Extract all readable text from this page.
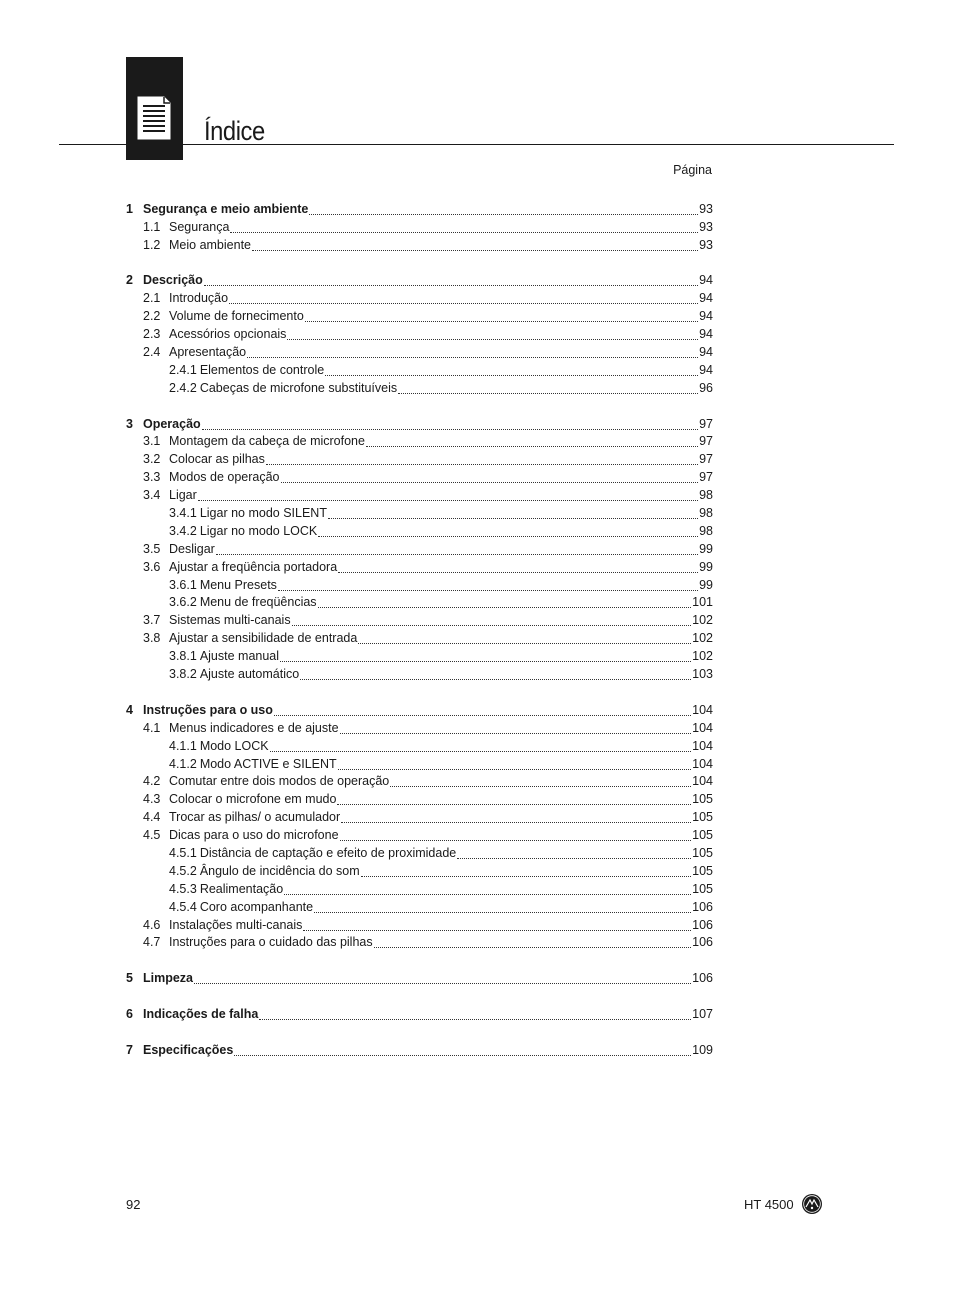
Índice
Página
1 Segurança e meio ambiente	93
1.1 Segurança	93
1.2 Meio ambiente	93
2 Descrição	94
2.1 Introdução	94
2.2 Volume de fornecimento	94
2.3 Acessórios opcionais	94
2.4 Apresentação	94
2.4.1 Elementos de controle	94
2.4.2 Cabeças de microfone substituíveis	96
3 Operação	97
3.1 Montagem da cabeça de microfone	97
3.2 Colocar as pilhas	97
3.3 Modos de operação	97
3.4 Ligar	98
3.4.1 Ligar no modo SILENT	98
3.4.2 Ligar no modo LOCK	98
3.5 Desligar	99
3.6 Ajustar a freqüência portadora	99
3.6.1 Menu Presets	99
3.6.2 Menu de freqüências	101
3.7 Sistemas multi-canais	102
3.8 Ajustar a sensibilidade de entrada	102
3.8.1 Ajuste manual	102
3.8.2 Ajuste automático	103
4 Instruções para o uso	104
4.1 Menus indicadores e de ajuste	104
4.1.1 Modo LOCK	104
4.1.2 Modo ACTIVE e SILENT	104
4.2 Comutar entre dois modos de operação	104
4.3 Colocar o microfone em mudo	105
4.4 Trocar as pilhas/ o acumulador	105
4.5 Dicas para o uso do microfone	105
4.5.1 Distância de captação e efeito de proximidade	105
4.5.2 Ângulo de incidência do som	105
4.5.3 Realimentação	105
4.5.4 Coro acompanhante	106
4.6 Instalações multi-canais	106
4.7 Instruções para o cuidado das pilhas	106
5 Limpeza	106
6 Indicações de falha	107
7 Especificações	109
92	HT 4500
